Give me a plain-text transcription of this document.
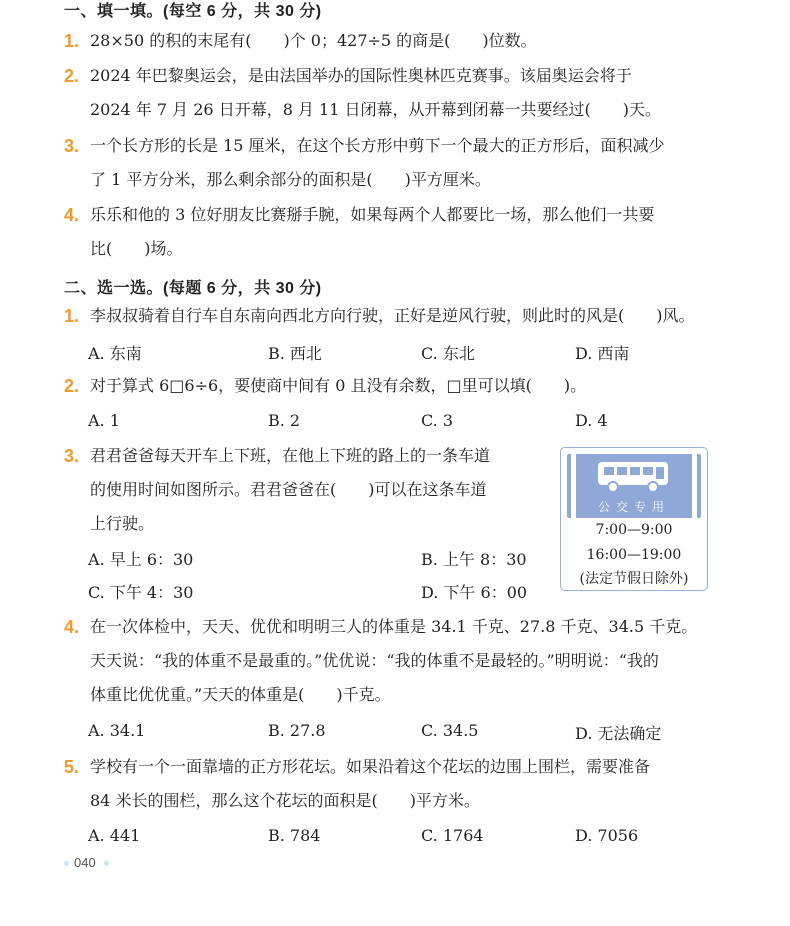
一、填一填。(每空 6 分，共 30 分)
1. 28×50 的积的末尾有(　　)个 0；427÷5 的商是(　　)位数。
2. 2024 年巴黎奥运会，是由法国举办的国际性奥林匹克赛事。该届奥运会将于
2024 年 7 月 26 日开幕，8 月 11 日闭幕，从开幕到闭幕一共要经过(　　)天。
3. 一个长方形的长是 15 厘米，在这个长方形中剪下一个最大的正方形后，面积减少
了 1 平方分米，那么剩余部分的面积是(　　)平方厘米。
4. 乐乐和他的 3 位好朋友比赛掰手腕，如果每两个人都要比一场，那么他们一共要
比(　　)场。
二、选一选。(每题 6 分，共 30 分)
1. 李叔叔骑着自行车自东南向西北方向行驶，正好是逆风行驶，则此时的风是(　　)风。
A. 东南	B. 西北	C. 东北	D. 西南
2. 对于算式 6□6÷6，要使商中间有 0 且没有余数，□里可以填(　　)。
A. 1	B. 2	C. 3	D. 4
3. 君君爸爸每天开车上下班，在他上下班的路上的一条车道
的使用时间如图所示。君君爸爸在(　　)可以在这条车道
上行驶。
A. 早上 6：30	B. 上午 8：30
C. 下午 4：30	D. 下午 6：00
公交专用
7:00—9:00
16:00—19:00
(法定节假日除外)
4. 在一次体检中，天天、优优和明明三人的体重是 34.1 千克、27.8 千克、34.5 千克。
天天说：“我的体重不是最重的。”优优说：“我的体重不是最轻的。”明明说：“我的
体重比优优重。”天天的体重是(　　)千克。
A. 34.1	B. 27.8	C. 34.5	D. 无法确定
5. 学校有一个一面靠墙的正方形花坛。如果沿着这个花坛的边围上围栏，需要准备
84 米长的围栏，那么这个花坛的面积是(　　)平方米。
A. 441	B. 784	C. 1764	D. 7056
040
